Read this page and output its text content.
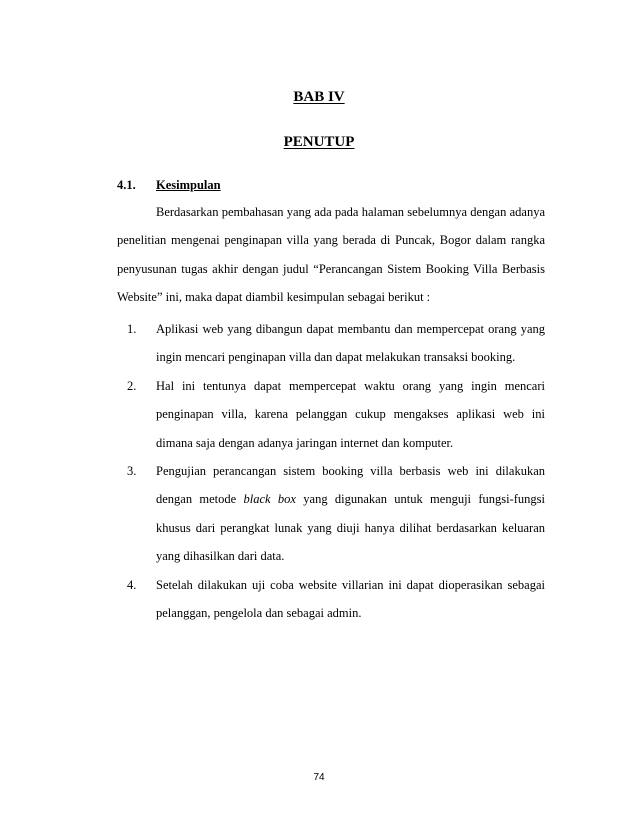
BAB IV
PENUTUP
4.1. Kesimpulan

Berdasarkan pembahasan yang ada pada halaman sebelumnya dengan adanya penelitian mengenai penginapan villa yang berada di Puncak, Bogor dalam rangka penyusunan tugas akhir dengan judul “Perancangan Sistem Booking Villa Berbasis Website” ini, maka dapat diambil kesimpulan sebagai berikut :

1. Aplikasi web yang dibangun dapat membantu dan mempercepat orang yang ingin mencari penginapan villa dan dapat melakukan transaksi booking.
2. Hal ini tentunya dapat mempercepat waktu orang yang ingin mencari penginapan villa, karena pelanggan cukup mengakses aplikasi web ini dimana saja dengan adanya jaringan internet dan komputer.
3. Pengujian perancangan sistem booking villa berbasis web ini dilakukan dengan metode black box yang digunakan untuk menguji fungsi-fungsi khusus dari perangkat lunak yang diuji hanya dilihat berdasarkan keluaran yang dihasilkan dari data.
4. Setelah dilakukan uji coba website villarian ini dapat dioperasikan sebagai pelanggan, pengelola dan sebagai admin.
74
